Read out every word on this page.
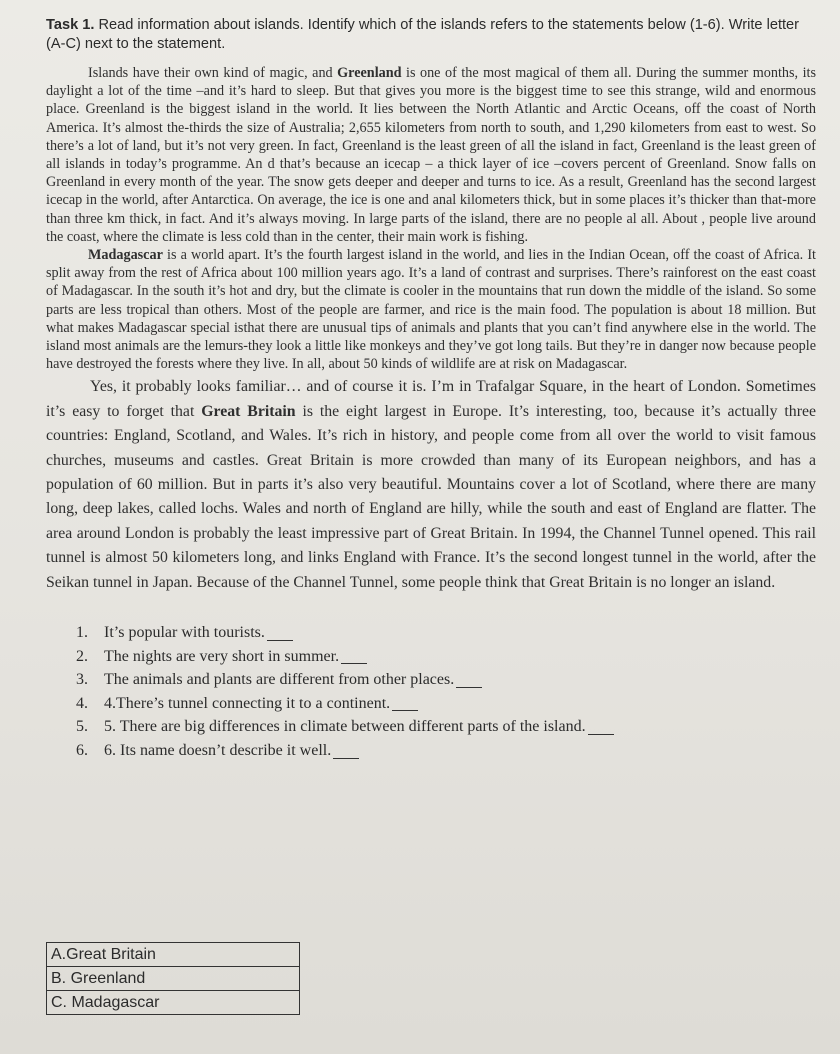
Task 1. Read information about islands. Identify which of the islands refers to the statements below (1-6). Write letter (A-C) next to the statement.

Islands have their own kind of magic, and Greenland is one of the most magical of them all. During the summer months, its daylight a lot of the time –and it’s hard to sleep. But that gives you more is the biggest time to see this strange, wild and enormous place. Greenland is the biggest island in the world. It lies between the North Atlantic and Arctic Oceans, off the coast of North America. It’s almost the-thirds the size of Australia; 2,655 kilometers from north to south, and 1,290 kilometers from east to west. So there’s a lot of land, but it’s not very green. In fact, Greenland is the least green of all the island in fact, Greenland is the least green of all islands in today’s programme. An d that’s because an icecap – a thick layer of ice –covers percent of Greenland. Snow falls on Greenland in every month of the year. The snow gets deeper and deeper and turns to ice. As a result, Greenland has the second largest icecap in the world, after Antarctica. On average, the ice is one and anal kilometers thick, but in some places it’s thicker than that-more than three km thick, in fact. And it’s always moving. In large parts of the island, there are no people al all. About , people live around the coast, where the climate is less cold than in the center, their main work is fishing.

Madagascar is a world apart. It’s the fourth largest island in the world, and lies in the Indian Ocean, off the coast of Africa. It split away from the rest of Africa about 100 million years ago. It’s a land of contrast and surprises. There’s rainforest on the east coast of Madagascar. In the south it’s hot and dry, but the climate is cooler in the mountains that run down the middle of the island. So some parts are less tropical than others. Most of the people are farmer, and rice is the main food. The population is about 18 million. But what makes Madagascar special isthat there are unusual tips of animals and plants that you can’t find anywhere else in the world. The island most animals are the lemurs-they look a little like monkeys and they’ve got long tails. But they’re in danger now because people have destroyed the forests where they live. In all, about 50 kinds of wildlife are at risk on Madagascar.

Yes, it probably looks familiar… and of course it is. I’m in Trafalgar Square, in the heart of London. Sometimes it’s easy to forget that Great Britain is the eight largest in Europe. It’s interesting, too, because it’s actually three countries: England, Scotland, and Wales. It’s rich in history, and people come from all over the world to visit famous churches, museums and castles. Great Britain is more crowded than many of its European neighbors, and has a population of 60 million. But in parts it’s also very beautiful. Mountains cover a lot of Scotland, where there are many long, deep lakes, called lochs. Wales and north of England are hilly, while the south and east of England are flatter. The area around London is probably the least impressive part of Great Britain. In 1994, the Channel Tunnel opened. This rail tunnel is almost 50 kilometers long, and links England with France. It’s the second longest tunnel in the world, after the Seikan tunnel in Japan. Because of the Channel Tunnel, some people think that Great Britain is no longer an island.

1.	It’s popular with tourists.
2.	The nights are very short in summer.
3.	The animals and plants are different from other places.
4.	4.There’s tunnel connecting it to a continent.
5.	5. There are big differences in climate between different parts of the island.
6.	6. Its name doesn’t describe it well.
A.Great Britain
B. Greenland
C. Madagascar
